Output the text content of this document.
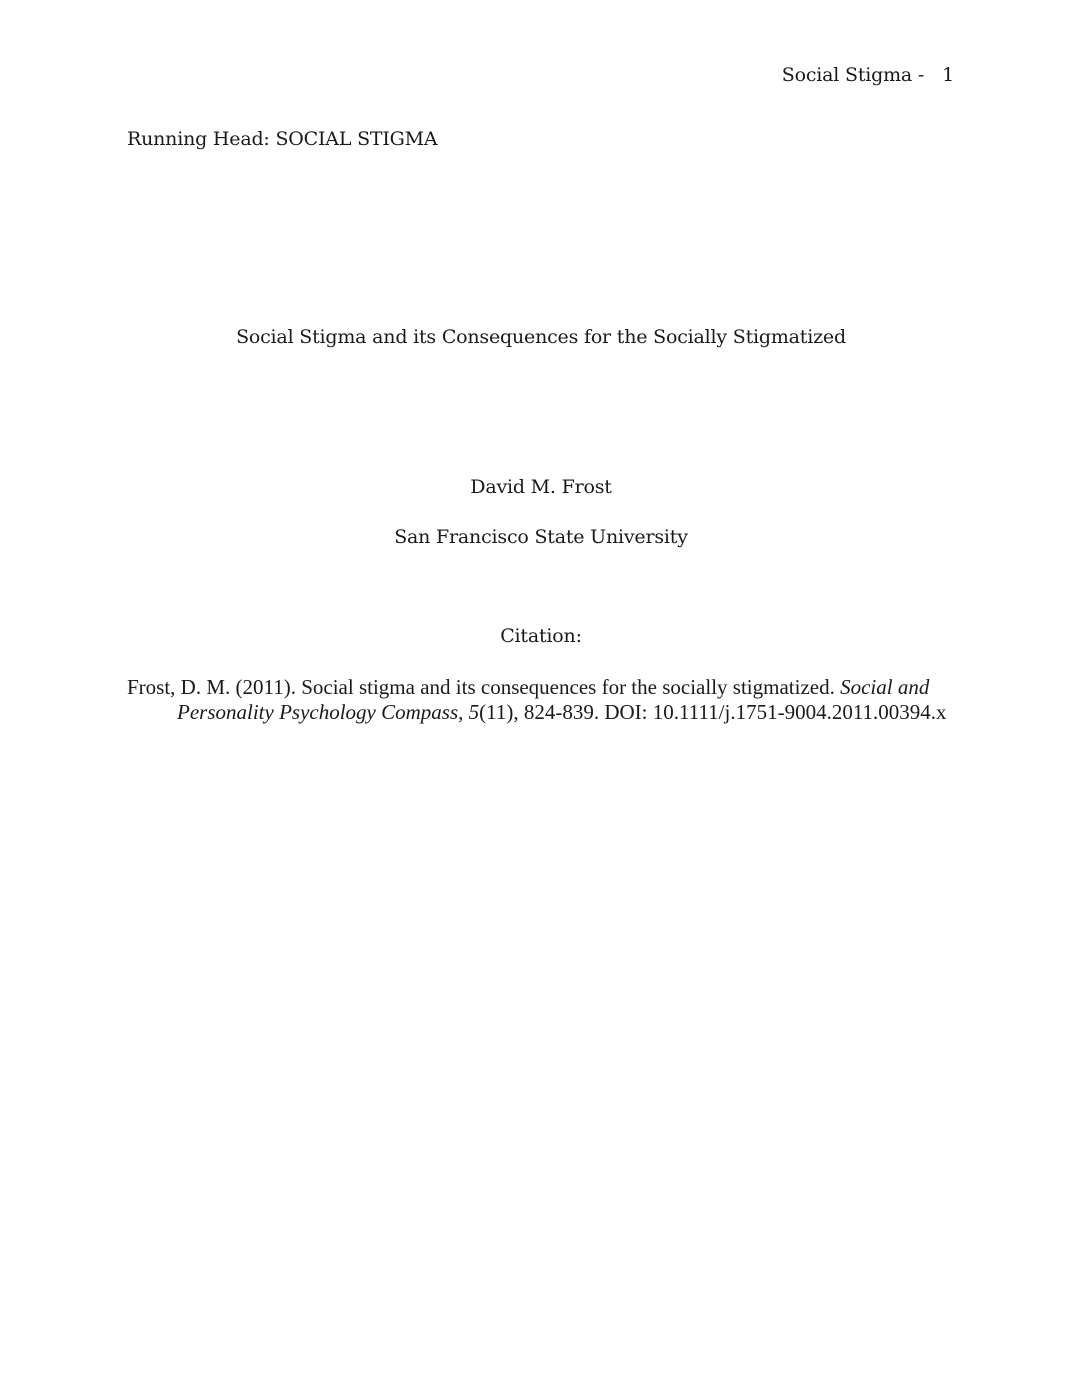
Social Stigma - 1
Running Head: SOCIAL STIGMA
Social Stigma and its Consequences for the Socially Stigmatized
David M. Frost
San Francisco State University
Citation:
Frost, D. M. (2011). Social stigma and its consequences for the socially stigmatized. Social and Personality Psychology Compass, 5(11), 824-839. DOI: 10.1111/j.1751-9004.2011.00394.x
